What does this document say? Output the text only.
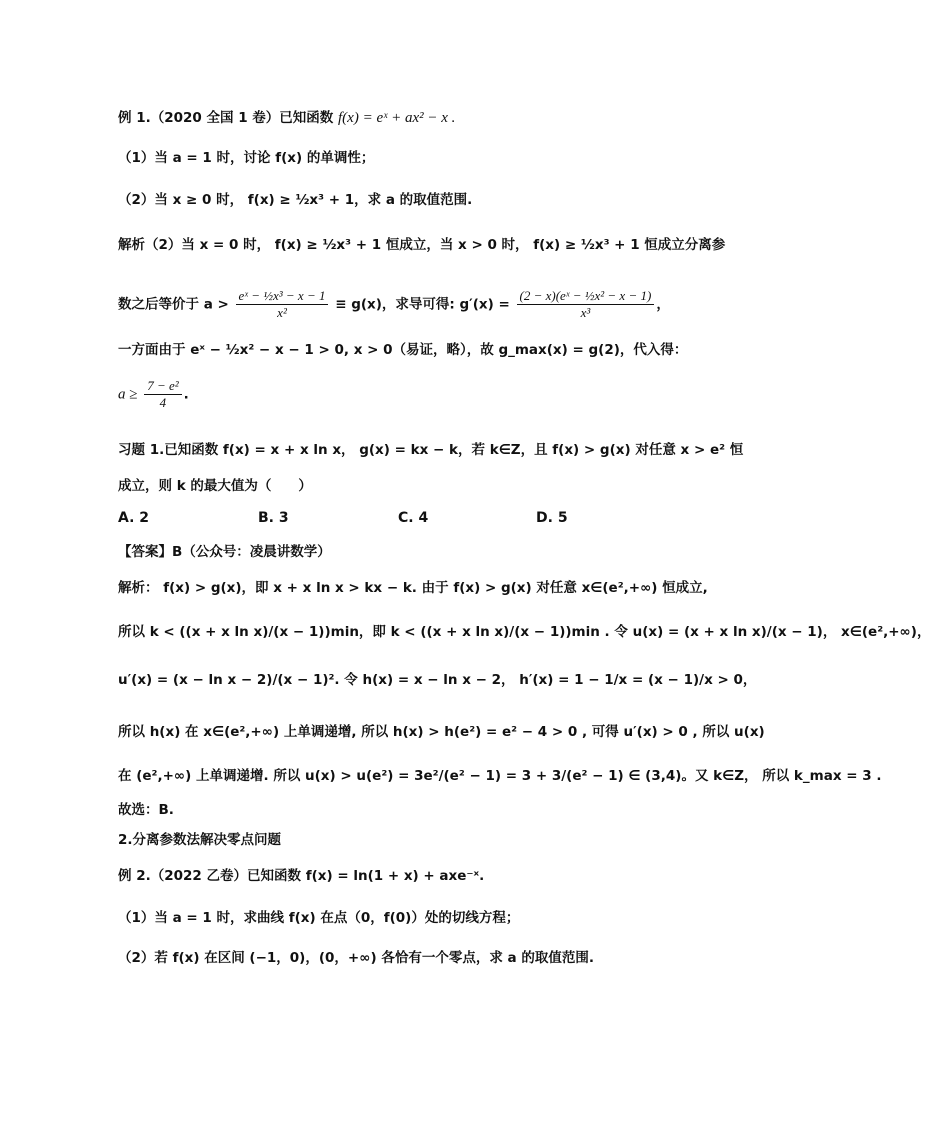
例 1.（2020 全国 1 卷）已知函数 f(x) = eˣ + ax² − x .
（1）当 a = 1 时，讨论 f(x) 的单调性；
（2）当 x ≥ 0 时， f(x) ≥ ½x³ + 1，求 a 的取值范围.
解析（2）当 x = 0 时， f(x) ≥ ½x³ + 1 恒成立，当 x > 0 时， f(x) ≥ ½x³ + 1 恒成立分离参
数之后等价于 $a > \frac{\text{eˣ − ½x³ − x − 1}}{\text{x²}} \equiv g(x)$，求导可得: $g'(x) = \frac{\text{(2 − x)(eˣ − ½x² − x − 1)}}{\text{x³}}$ ，
一方面由于 eˣ − ½x² − x − 1 > 0, x > 0（易证，略），故 g_max(x) = g(2)，代入得：
$a \ge \frac{\text{7 − e²}}{4}$ .
习题 1.已知函数 f(x) = x + x ln x， g(x) = kx − k，若 k∈Z，且 f(x) > g(x) 对任意 x > e² 恒
成立，则 k 的最大值为（　　）
A. 2	B. 3	C. 4	D. 5
【答案】B（公众号：凌晨讲数学）
解析： f(x) > g(x)，即 x + x ln x > kx − k. 由于 f(x) > g(x) 对任意 x∈(e²,+∞) 恒成立,
所以 k < ((x + x ln x)/(x − 1))min，即 k < ((x + x ln x)/(x − 1))min . 令 u(x) = (x + x ln x)/(x − 1)， x∈(e²,+∞)，
u′(x) = (x − ln x − 2)/(x − 1)². 令 h(x) = x − ln x − 2， h′(x) = 1 − 1/x = (x − 1)/x > 0，
所以 h(x) 在 x∈(e²,+∞) 上单调递增, 所以 h(x) > h(e²) = e² − 4 > 0 , 可得 u′(x) > 0 , 所以 u(x)
在 (e²,+∞) 上单调递增. 所以 u(x) > u(e²) = 3e²/(e² − 1) = 3 + 3/(e² − 1) ∈ (3,4)。又 k∈Z， 所以 k_max = 3 .
故选：B.
2.分离参数法解决零点问题
例 2.（2022 乙卷）已知函数 f(x) = ln(1 + x) + axe⁻ˣ.
（1）当 a = 1 时，求曲线 f(x) 在点（0，f(0)）处的切线方程；
（2）若 f(x) 在区间 (−1，0)，(0，+∞) 各恰有一个零点，求 a 的取值范围.
